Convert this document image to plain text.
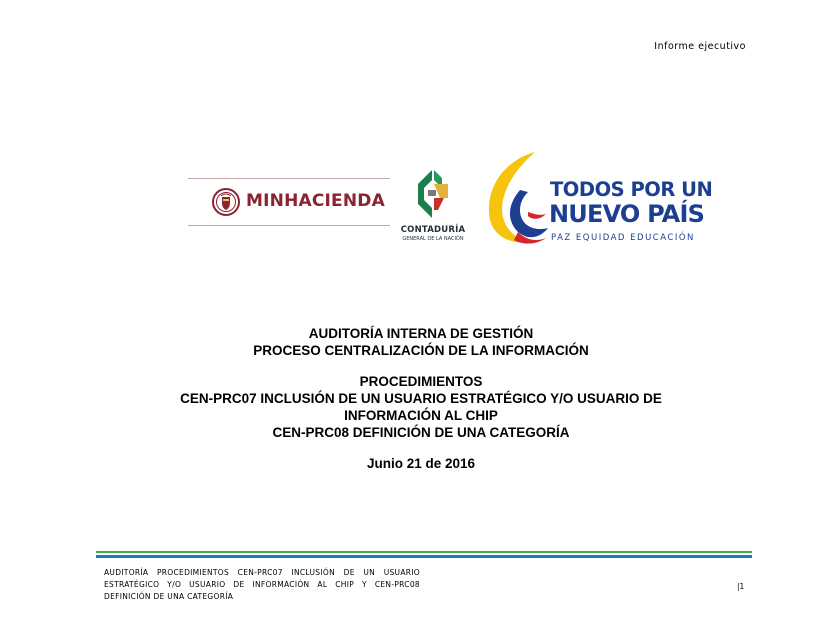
Informe ejecutivo
MINHACIENDA
CONTADURÍA
GENERAL DE LA NACIÓN
TODOS POR UN
NUEVO PAÍS
PAZ EQUIDAD EDUCACIÓN
AUDITORÍA INTERNA DE GESTIÓN
PROCESO CENTRALIZACIÓN DE LA INFORMACIÓN
PROCEDIMIENTOS
CEN-PRC07 INCLUSIÓN DE UN USUARIO ESTRATÉGICO Y/O USUARIO DE
INFORMACIÓN AL CHIP
CEN-PRC08 DEFINICIÓN DE UNA CATEGORÍA
Junio 21 de 2016
AUDITORÍA PROCEDIMIENTOS CEN-PRC07 INCLUSIÓN DE UN USUARIO ESTRATÉGICO Y/O USUARIO DE INFORMACIÓN AL CHIP Y CEN-PRC08 DEFINICIÓN DE UNA CATEGORÍA
|1
